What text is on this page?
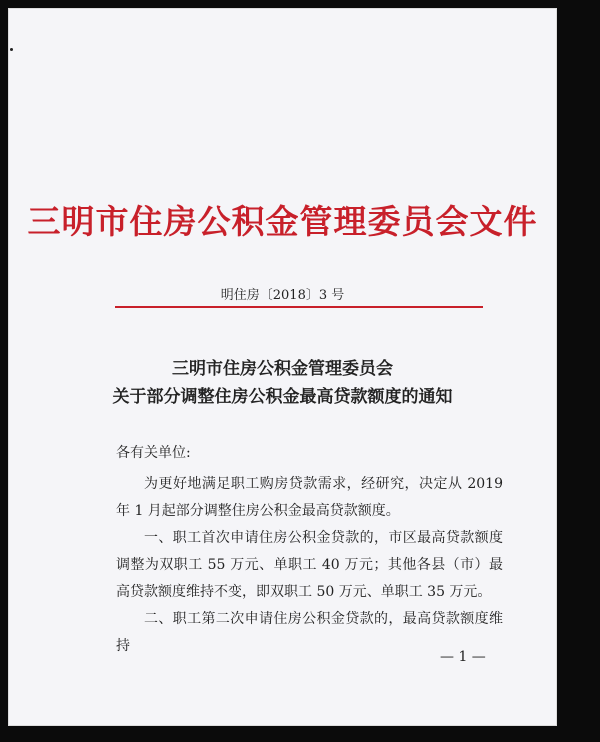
三明市住房公积金管理委员会文件
明住房〔2018〕3 号
三明市住房公积金管理委员会
关于部分调整住房公积金最高贷款额度的通知
各有关单位:

为更好地满足职工购房贷款需求，经研究，决定从 2019 年 1 月起部分调整住房公积金最高贷款额度。

一、职工首次申请住房公积金贷款的，市区最高贷款额度调整为双职工 55 万元、单职工 40 万元；其他各县（市）最高贷款额度维持不变，即双职工 50 万元、单职工 35 万元。

二、职工第二次申请住房公积金贷款的，最高贷款额度维持

— 1 —
